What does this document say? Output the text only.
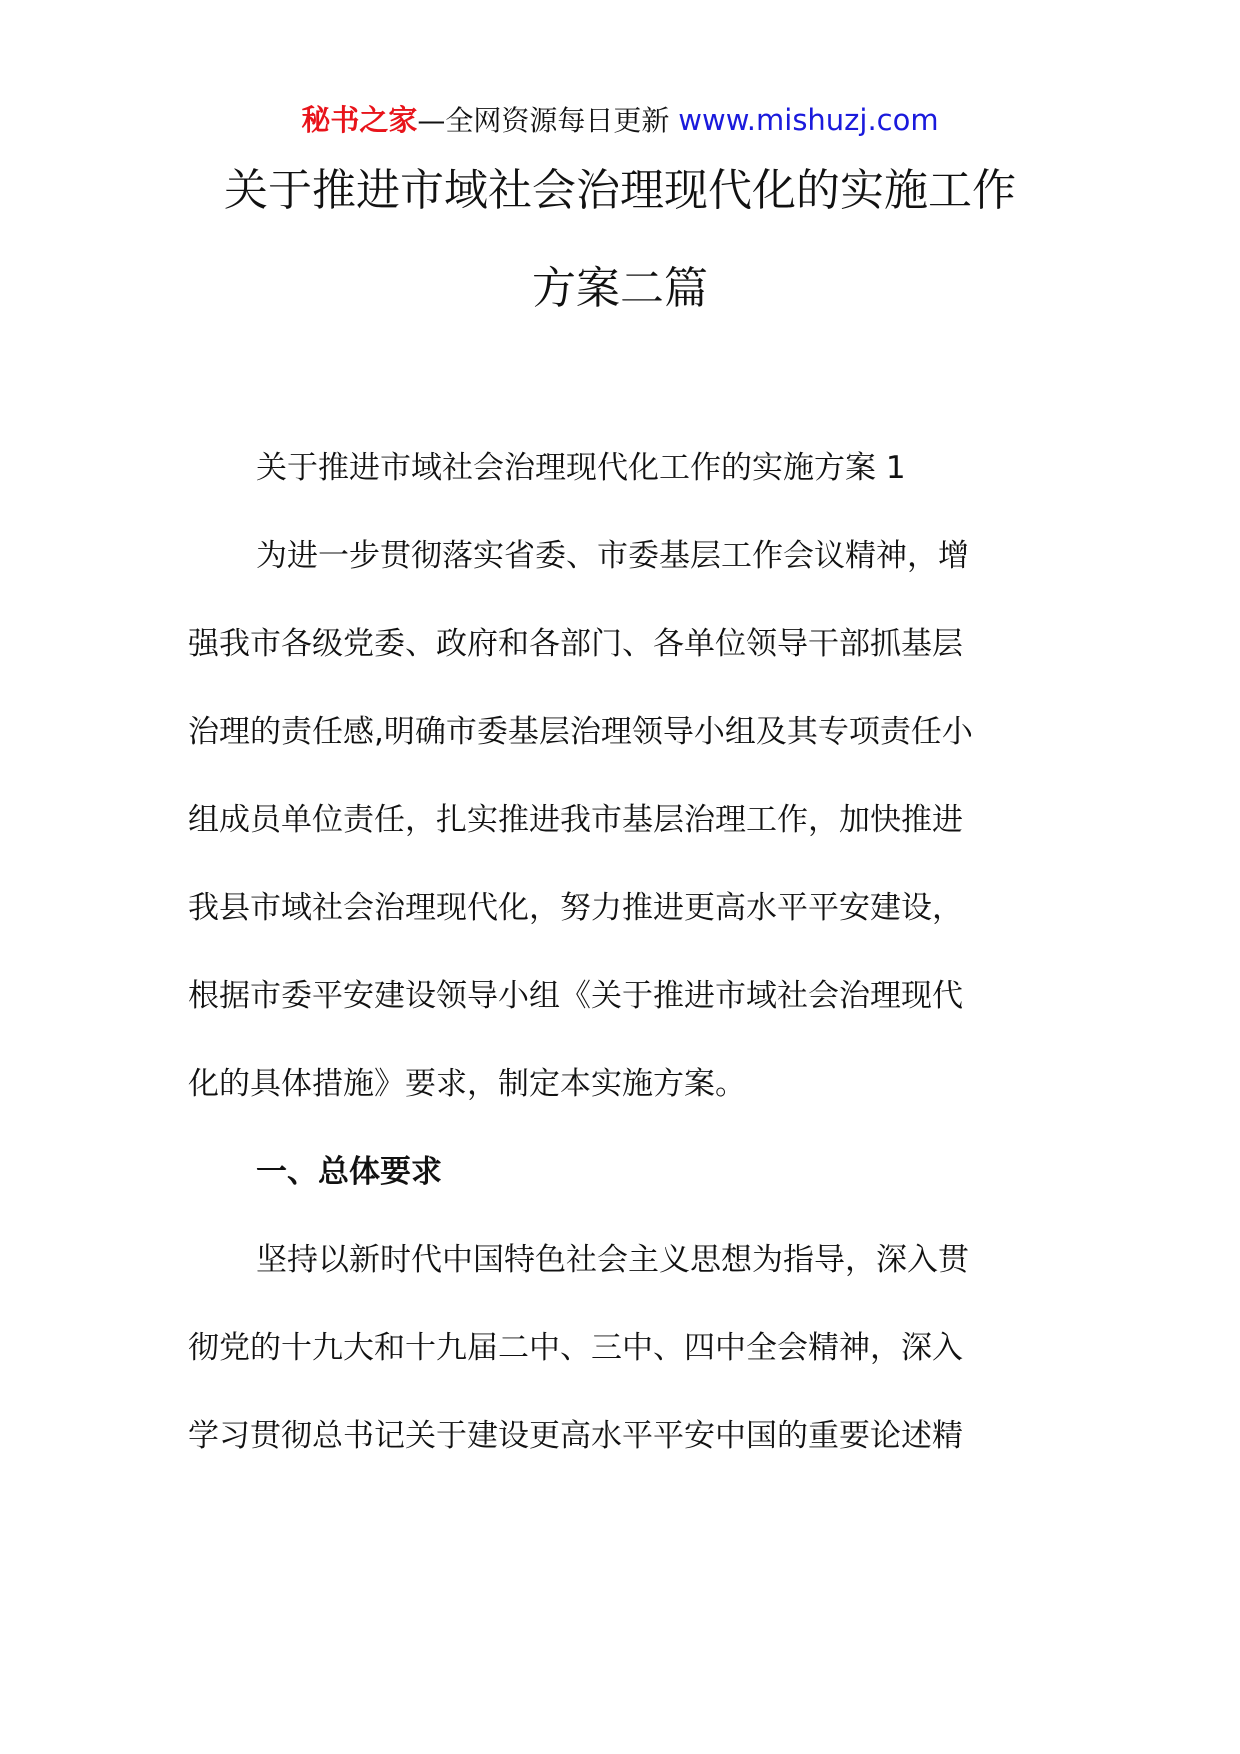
秘书之家—全网资源每日更新 www.mishuzj.com
关于推进市域社会治理现代化的实施工作
方案二篇
关于推进市域社会治理现代化工作的实施方案 1
为进一步贯彻落实省委、市委基层工作会议精神，增
强我市各级党委、政府和各部门、各单位领导干部抓基层
治理的责任感,明确市委基层治理领导小组及其专项责任小
组成员单位责任，扎实推进我市基层治理工作，加快推进
我县市域社会治理现代化，努力推进更高水平平安建设，
根据市委平安建设领导小组《关于推进市域社会治理现代
化的具体措施》要求，制定本实施方案。
一、总体要求
坚持以新时代中国特色社会主义思想为指导，深入贯
彻党的十九大和十九届二中、三中、四中全会精神，深入
学习贯彻总书记关于建设更高水平平安中国的重要论述精
